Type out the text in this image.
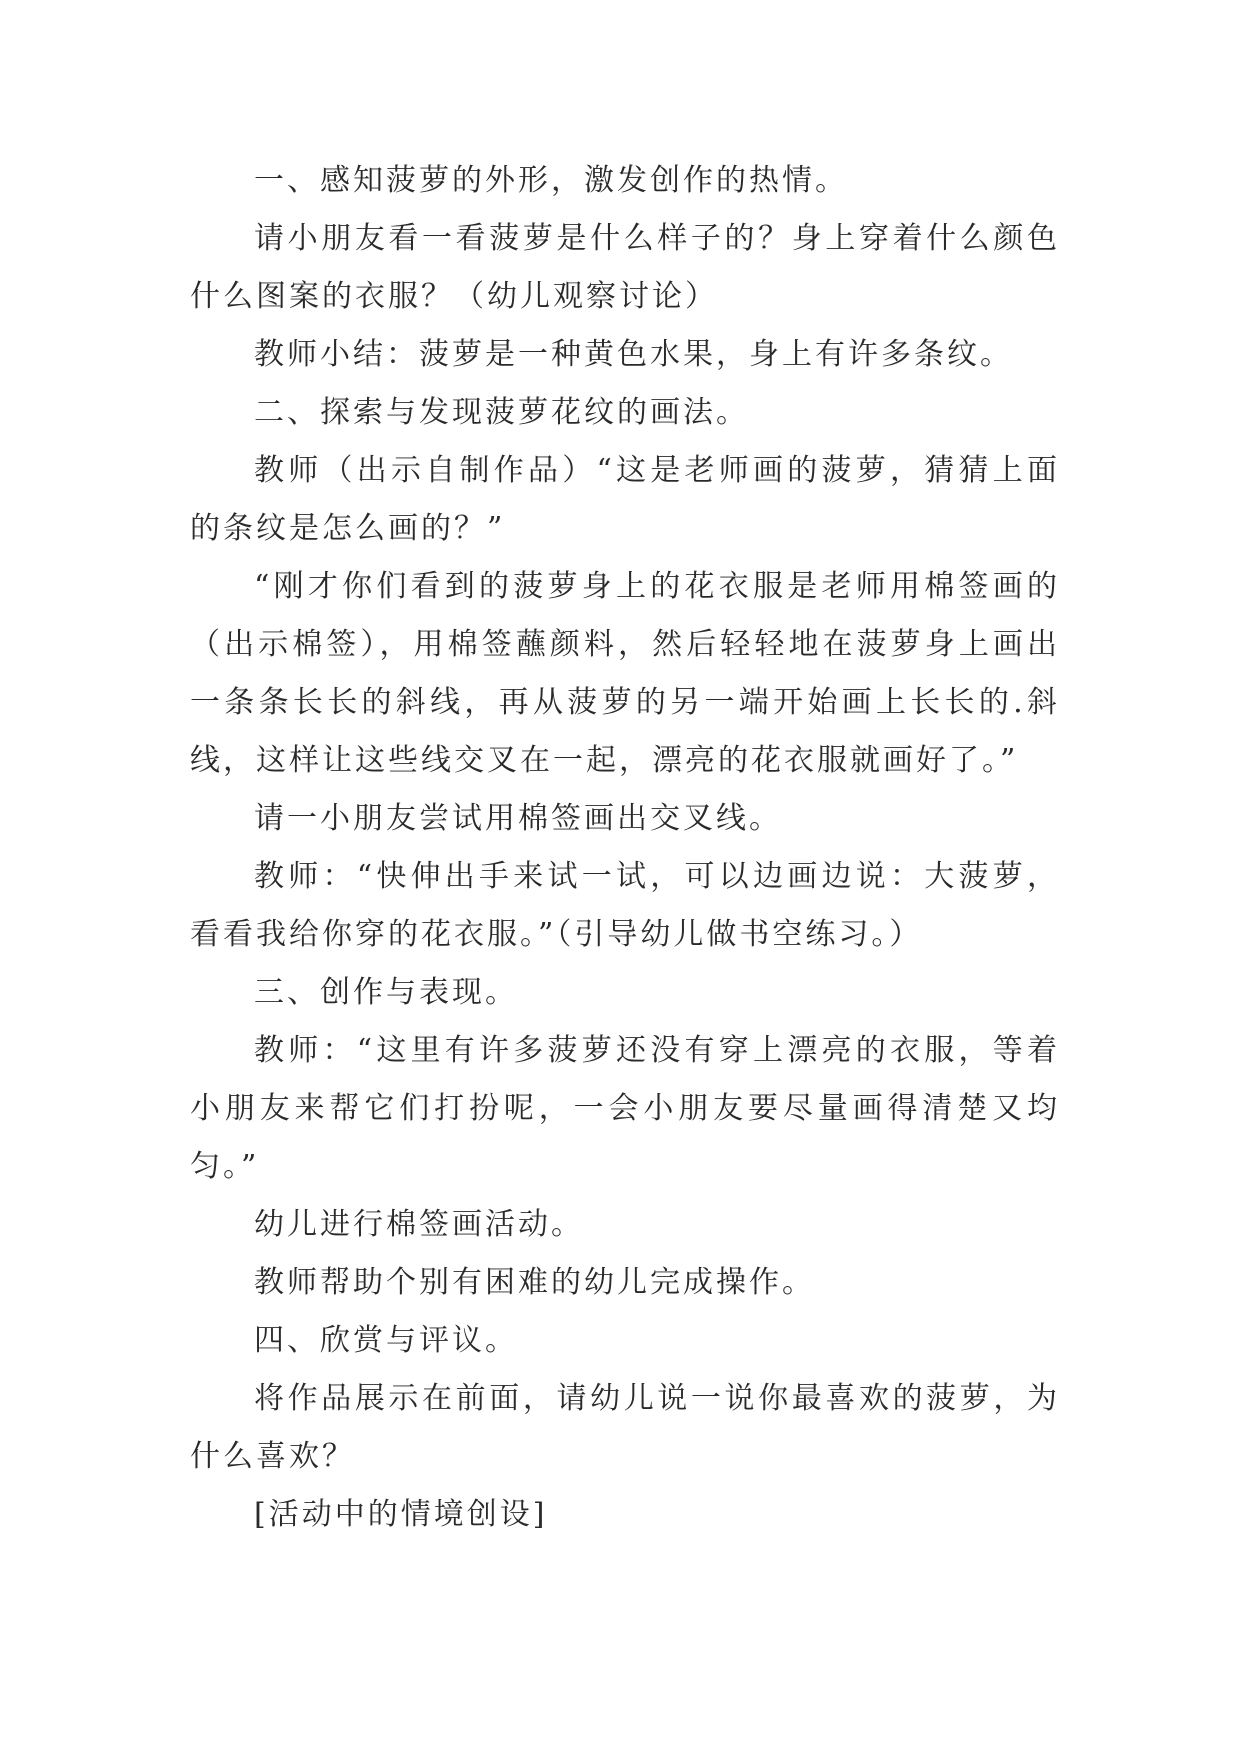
一、感知菠萝的外形，激发创作的热情。

请小朋友看一看菠萝是什么样子的？身上穿着什么颜色什么图案的衣服？（幼儿观察讨论）

教师小结：菠萝是一种黄色水果，身上有许多条纹。

二、探索与发现菠萝花纹的画法。

教师（出示自制作品）“这是老师画的菠萝，猜猜上面的条纹是怎么画的？”

“刚才你们看到的菠萝身上的花衣服是老师用棉签画的（出示棉签），用棉签蘸颜料，然后轻轻地在菠萝身上画出一条条长长的斜线，再从菠萝的另一端开始画上长长的.斜线，这样让这些线交叉在一起，漂亮的花衣服就画好了。”

请一小朋友尝试用棉签画出交叉线。

教师：“快伸出手来试一试，可以边画边说：大菠萝，看看我给你穿的花衣服。”（引导幼儿做书空练习。）

三、创作与表现。

教师：“这里有许多菠萝还没有穿上漂亮的衣服，等着小朋友来帮它们打扮呢，一会小朋友要尽量画得清楚又均匀。”

幼儿进行棉签画活动。

教师帮助个别有困难的幼儿完成操作。

四、欣赏与评议。

将作品展示在前面，请幼儿说一说你最喜欢的菠萝，为什么喜欢？

[活动中的情境创设]
